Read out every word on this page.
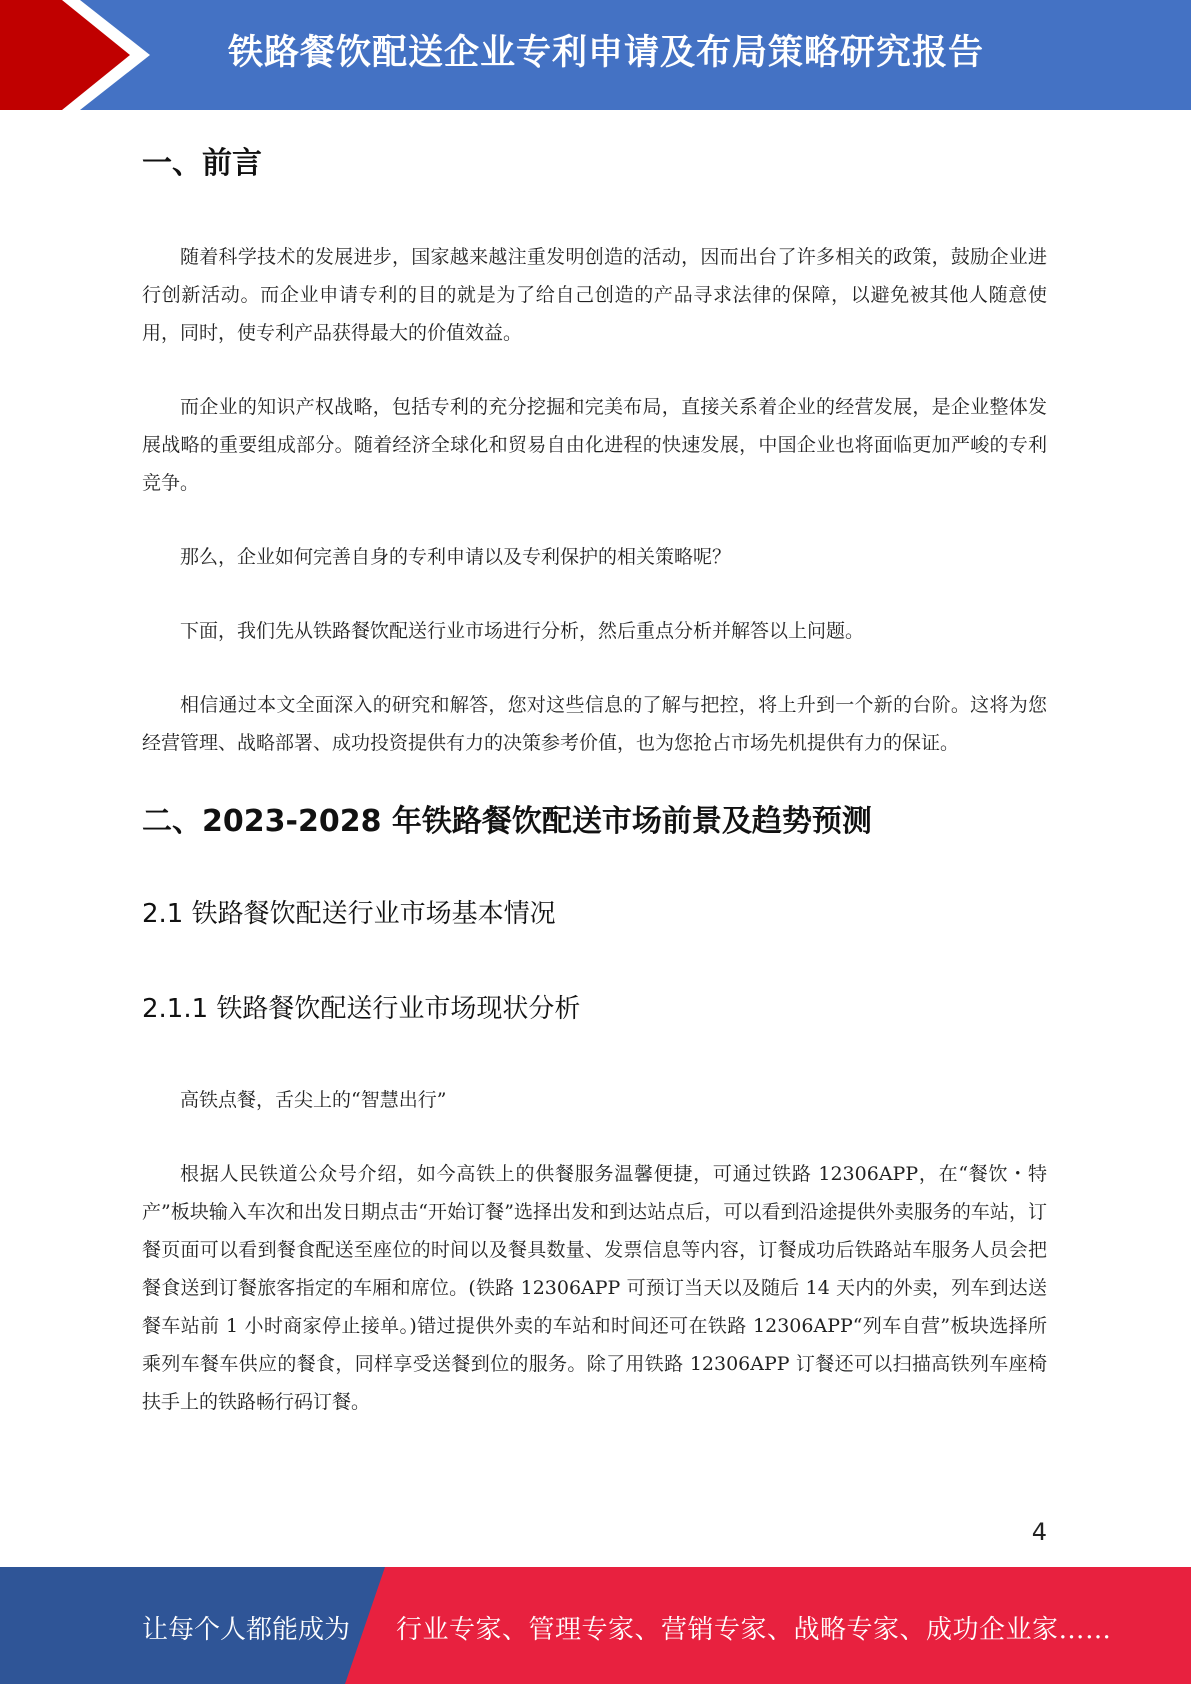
铁路餐饮配送企业专利申请及布局策略研究报告
一、前言

随着科学技术的发展进步，国家越来越注重发明创造的活动，因而出台了许多相关的政策，鼓励企业进行创新活动。而企业申请专利的目的就是为了给自己创造的产品寻求法律的保障，以避免被其他人随意使用，同时，使专利产品获得最大的价值效益。

而企业的知识产权战略，包括专利的充分挖掘和完美布局，直接关系着企业的经营发展，是企业整体发展战略的重要组成部分。随着经济全球化和贸易自由化进程的快速发展，中国企业也将面临更加严峻的专利竞争。

那么，企业如何完善自身的专利申请以及专利保护的相关策略呢？

下面，我们先从铁路餐饮配送行业市场进行分析，然后重点分析并解答以上问题。

相信通过本文全面深入的研究和解答，您对这些信息的了解与把控，将上升到一个新的台阶。这将为您经营管理、战略部署、成功投资提供有力的决策参考价值，也为您抢占市场先机提供有力的保证。

二、2023-2028 年铁路餐饮配送市场前景及趋势预测
2.1 铁路餐饮配送行业市场基本情况
2.1.1 铁路餐饮配送行业市场现状分析

高铁点餐，舌尖上的“智慧出行”

根据人民铁道公众号介绍，如今高铁上的供餐服务温馨便捷，可通过铁路 12306APP，在“餐饮・特产”板块输入车次和出发日期点击“开始订餐”选择出发和到达站点后，可以看到沿途提供外卖服务的车站，订餐页面可以看到餐食配送至座位的时间以及餐具数量、发票信息等内容，订餐成功后铁路站车服务人员会把餐食送到订餐旅客指定的车厢和席位。(铁路 12306APP 可预订当天以及随后 14 天内的外卖，列车到达送餐车站前 1 小时商家停止接单。)错过提供外卖的车站和时间还可在铁路 12306APP“列车自营”板块选择所乘列车餐车供应的餐食，同样享受送餐到位的服务。除了用铁路 12306APP 订餐还可以扫描高铁列车座椅扶手上的铁路畅行码订餐。

4
让每个人都能成为 行业专家、管理专家、营销专家、战略专家、成功企业家……
